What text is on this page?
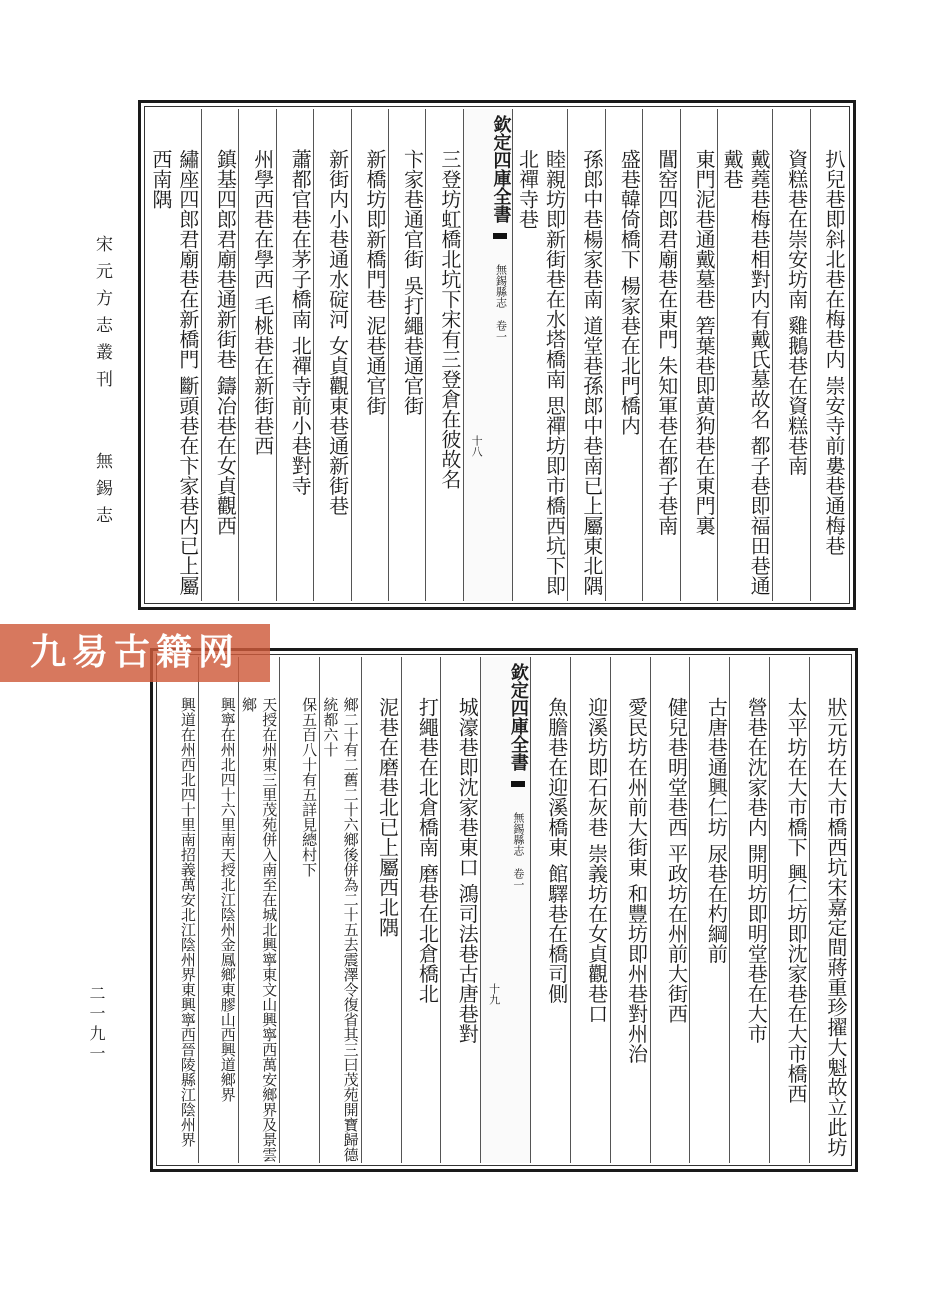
宋元方志叢刊 無錫志
二一九一
扒兒巷即斜北巷在梅巷内 崇安寺前婁巷通梅巷
資糕巷在崇安坊南 雞鵝巷在資糕巷南
戴蕘巷梅巷相對内有戴氏墓故名 都子巷即福田巷通戴巷
東門泥巷通戴墓巷 箬葉巷即黄狗巷在東門裏
閶窑四郎君廟巷在東門 朱知軍巷在都子巷南
盛巷韓倚橋下 楊家巷在北門橋内
孫郎中巷楊家巷南 道堂巷孫郎中巷南已上屬東北隅
睦親坊即新街巷在水塔橋南 思禪坊即市橋西坑下即北禪寺巷
欽定四庫全書  無錫縣志 卷一 十八
三登坊虹橋北坑下宋有三登倉在彼故名
卞家巷通官街 吳打繩巷通官街
新橋坊即新橋門巷 泥巷通官街
新街内小巷通水碇河 女貞觀東巷通新街巷
蕭都官巷在茅子橋南 北禪寺前小巷對寺
州學西巷在學西 毛桃巷在新街巷西
鎮基四郎君廟巷通新街巷 鑄冶巷在女貞觀西
繡座四郎君廟巷在新橋門 斷頭巷在卞家巷内已上屬西南隅
狀元坊在大市橋西坑宋嘉定間蔣重珍擢大魁故立此坊
太平坊在大市橋下 興仁坊即沈家巷在大市橋西
營巷在沈家巷内 開明坊即明堂巷在大市
古唐巷通興仁坊 尿巷在杓綱前
健兒巷明堂巷西 平政坊在州前大街西
愛民坊在州前大街東 和豐坊即州巷對州治
迎溪坊即石灰巷 崇義坊在女貞觀巷口
魚膽巷在迎溪橋東 館驛巷在橋司側
欽定四庫全書  無錫縣志 卷一 十九
城濠巷即沈家巷東口 鴻司法巷古唐巷對
打繩巷在北倉橋南 磨巷在北倉橋北
泥巷在磨巷北已上屬西北隅
鄉二十有二舊二十六鄉後併為二十五去震澤令復省其三曰茂苑開寶歸德統都六十
保五百八十有五詳見總村下
天授在州東三里茂苑併入南至在城北興寧東文山興寧西萬安鄉界及景雲鄉
興寧在州北四十六里南天授北江陰州金鳳鄉東膠山西興道鄉界
興道在州西北四十里南招義萬安北江陰州界東興寧西晉陵縣江陰州界
九易古籍网
